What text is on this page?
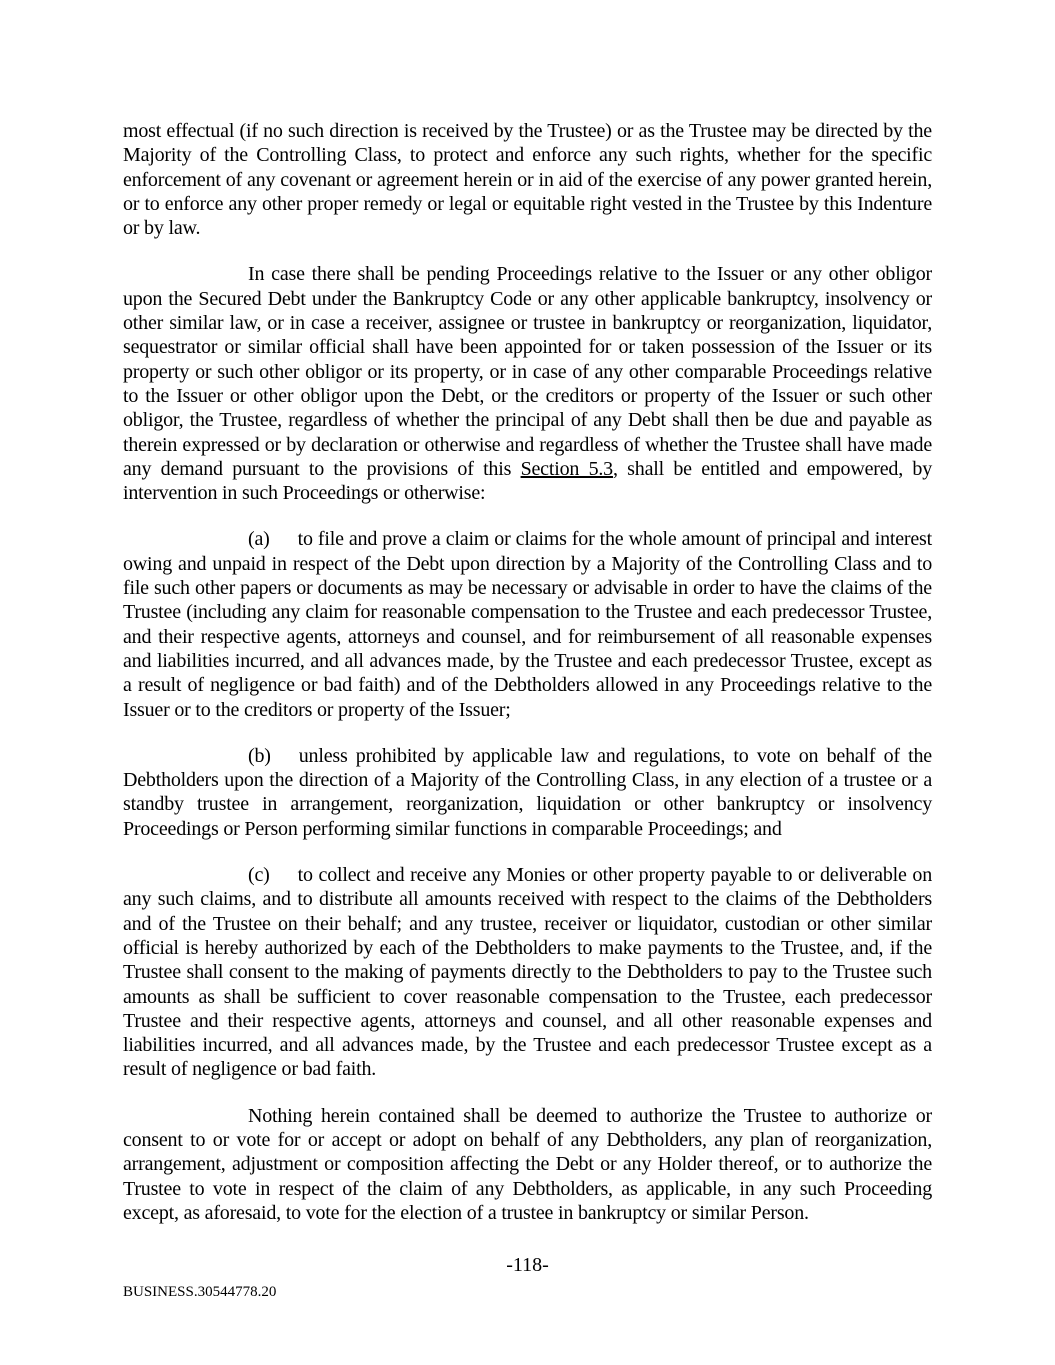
most effectual (if no such direction is received by the Trustee) or as the Trustee may be directed by the Majority of the Controlling Class, to protect and enforce any such rights, whether for the specific enforcement of any covenant or agreement herein or in aid of the exercise of any power granted herein, or to enforce any other proper remedy or legal or equitable right vested in the Trustee by this Indenture or by law.

In case there shall be pending Proceedings relative to the Issuer or any other obligor upon the Secured Debt under the Bankruptcy Code or any other applicable bankruptcy, insolvency or other similar law, or in case a receiver, assignee or trustee in bankruptcy or reorganization, liquidator, sequestrator or similar official shall have been appointed for or taken possession of the Issuer or its property or such other obligor or its property, or in case of any other comparable Proceedings relative to the Issuer or other obligor upon the Debt, or the creditors or property of the Issuer or such other obligor, the Trustee, regardless of whether the principal of any Debt shall then be due and payable as therein expressed or by declaration or otherwise and regardless of whether the Trustee shall have made any demand pursuant to the provisions of this Section 5.3, shall be entitled and empowered, by intervention in such Proceedings or otherwise:

(a) to file and prove a claim or claims for the whole amount of principal and interest owing and unpaid in respect of the Debt upon direction by a Majority of the Controlling Class and to file such other papers or documents as may be necessary or advisable in order to have the claims of the Trustee (including any claim for reasonable compensation to the Trustee and each predecessor Trustee, and their respective agents, attorneys and counsel, and for reimbursement of all reasonable expenses and liabilities incurred, and all advances made, by the Trustee and each predecessor Trustee, except as a result of negligence or bad faith) and of the Debtholders allowed in any Proceedings relative to the Issuer or to the creditors or property of the Issuer;

(b) unless prohibited by applicable law and regulations, to vote on behalf of the Debtholders upon the direction of a Majority of the Controlling Class, in any election of a trustee or a standby trustee in arrangement, reorganization, liquidation or other bankruptcy or insolvency Proceedings or Person performing similar functions in comparable Proceedings; and

(c) to collect and receive any Monies or other property payable to or deliverable on any such claims, and to distribute all amounts received with respect to the claims of the Debtholders and of the Trustee on their behalf; and any trustee, receiver or liquidator, custodian or other similar official is hereby authorized by each of the Debtholders to make payments to the Trustee, and, if the Trustee shall consent to the making of payments directly to the Debtholders to pay to the Trustee such amounts as shall be sufficient to cover reasonable compensation to the Trustee, each predecessor Trustee and their respective agents, attorneys and counsel, and all other reasonable expenses and liabilities incurred, and all advances made, by the Trustee and each predecessor Trustee except as a result of negligence or bad faith.

Nothing herein contained shall be deemed to authorize the Trustee to authorize or consent to or vote for or accept or adopt on behalf of any Debtholders, any plan of reorganization, arrangement, adjustment or composition affecting the Debt or any Holder thereof, or to authorize the Trustee to vote in respect of the claim of any Debtholders, as applicable, in any such Proceeding except, as aforesaid, to vote for the election of a trustee in bankruptcy or similar Person.

-118-
BUSINESS.30544778.20
